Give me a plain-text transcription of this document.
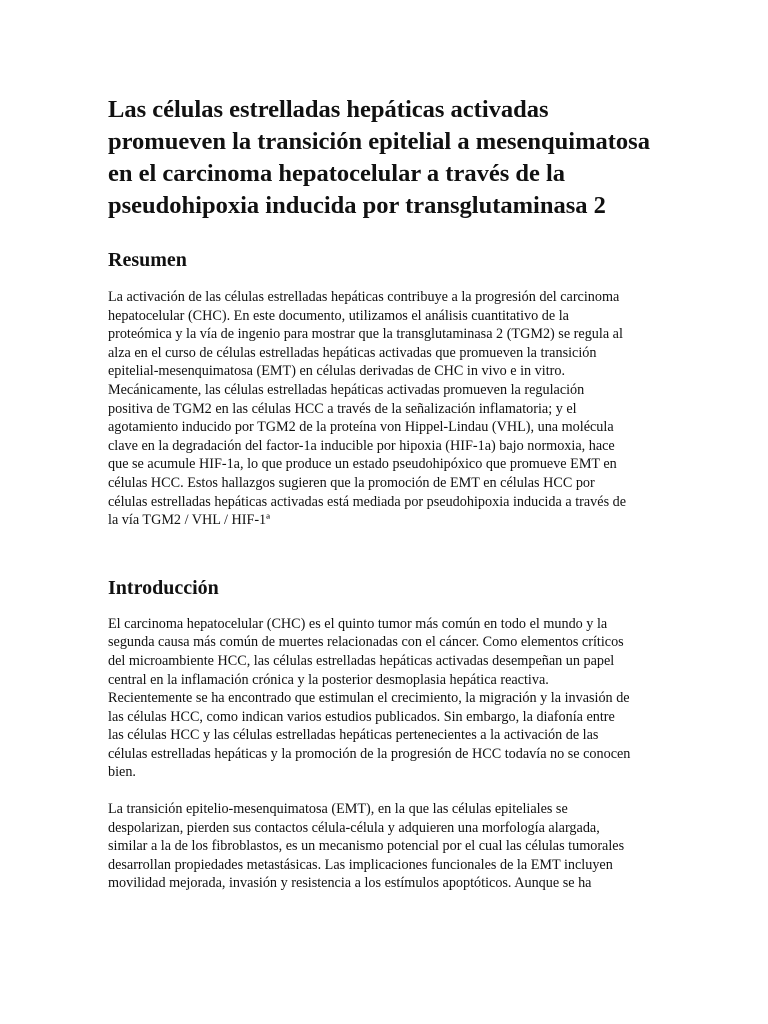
Las células estrelladas hepáticas activadas promueven la transición epitelial a mesenquimatosa en el carcinoma hepatocelular a través de la pseudohipoxia inducida por transglutaminasa 2
Resumen

La activación de las células estrelladas hepáticas contribuye a la progresión del carcinoma
hepatocelular (CHC). En este documento, utilizamos el análisis cuantitativo de la
proteómica y la vía de ingenio para mostrar que la transglutaminasa 2 (TGM2) se regula al
alza en el curso de células estrelladas hepáticas activadas que promueven la transición
epitelial-mesenquimatosa (EMT) en células derivadas de CHC in vivo e in vitro.
Mecánicamente, las células estrelladas hepáticas activadas promueven la regulación
positiva de TGM2 en las células HCC a través de la señalización inflamatoria; y el
agotamiento inducido por TGM2 de la proteína von Hippel-Lindau (VHL), una molécula
clave en la degradación del factor-1a inducible por hipoxia (HIF-1a) bajo normoxia, hace
que se acumule HIF-1a, lo que produce un estado pseudohipóxico que promueve EMT en
células HCC. Estos hallazgos sugieren que la promoción de EMT en células HCC por
células estrelladas hepáticas activadas está mediada por pseudohipoxia inducida a través de
la vía TGM2 / VHL / HIF-1ª

Introducción

El carcinoma hepatocelular (CHC) es el quinto tumor más común en todo el mundo y la
segunda causa más común de muertes relacionadas con el cáncer. Como elementos críticos
del microambiente HCC, las células estrelladas hepáticas activadas desempeñan un papel
central en la inflamación crónica y la posterior desmoplasia hepática reactiva.
Recientemente se ha encontrado que estimulan el crecimiento, la migración y la invasión de
las células HCC, como indican varios estudios publicados. Sin embargo, la diafonía entre
las células HCC y las células estrelladas hepáticas pertenecientes a la activación de las
células estrelladas hepáticas y la promoción de la progresión de HCC todavía no se conocen
bien.

La transición epitelio-mesenquimatosa (EMT), en la que las células epiteliales se
despolarizan, pierden sus contactos célula-célula y adquieren una morfología alargada,
similar a la de los fibroblastos, es un mecanismo potencial por el cual las células tumorales
desarrollan propiedades metastásicas. Las implicaciones funcionales de la EMT incluyen
movilidad mejorada, invasión y resistencia a los estímulos apoptóticos. Aunque se ha
